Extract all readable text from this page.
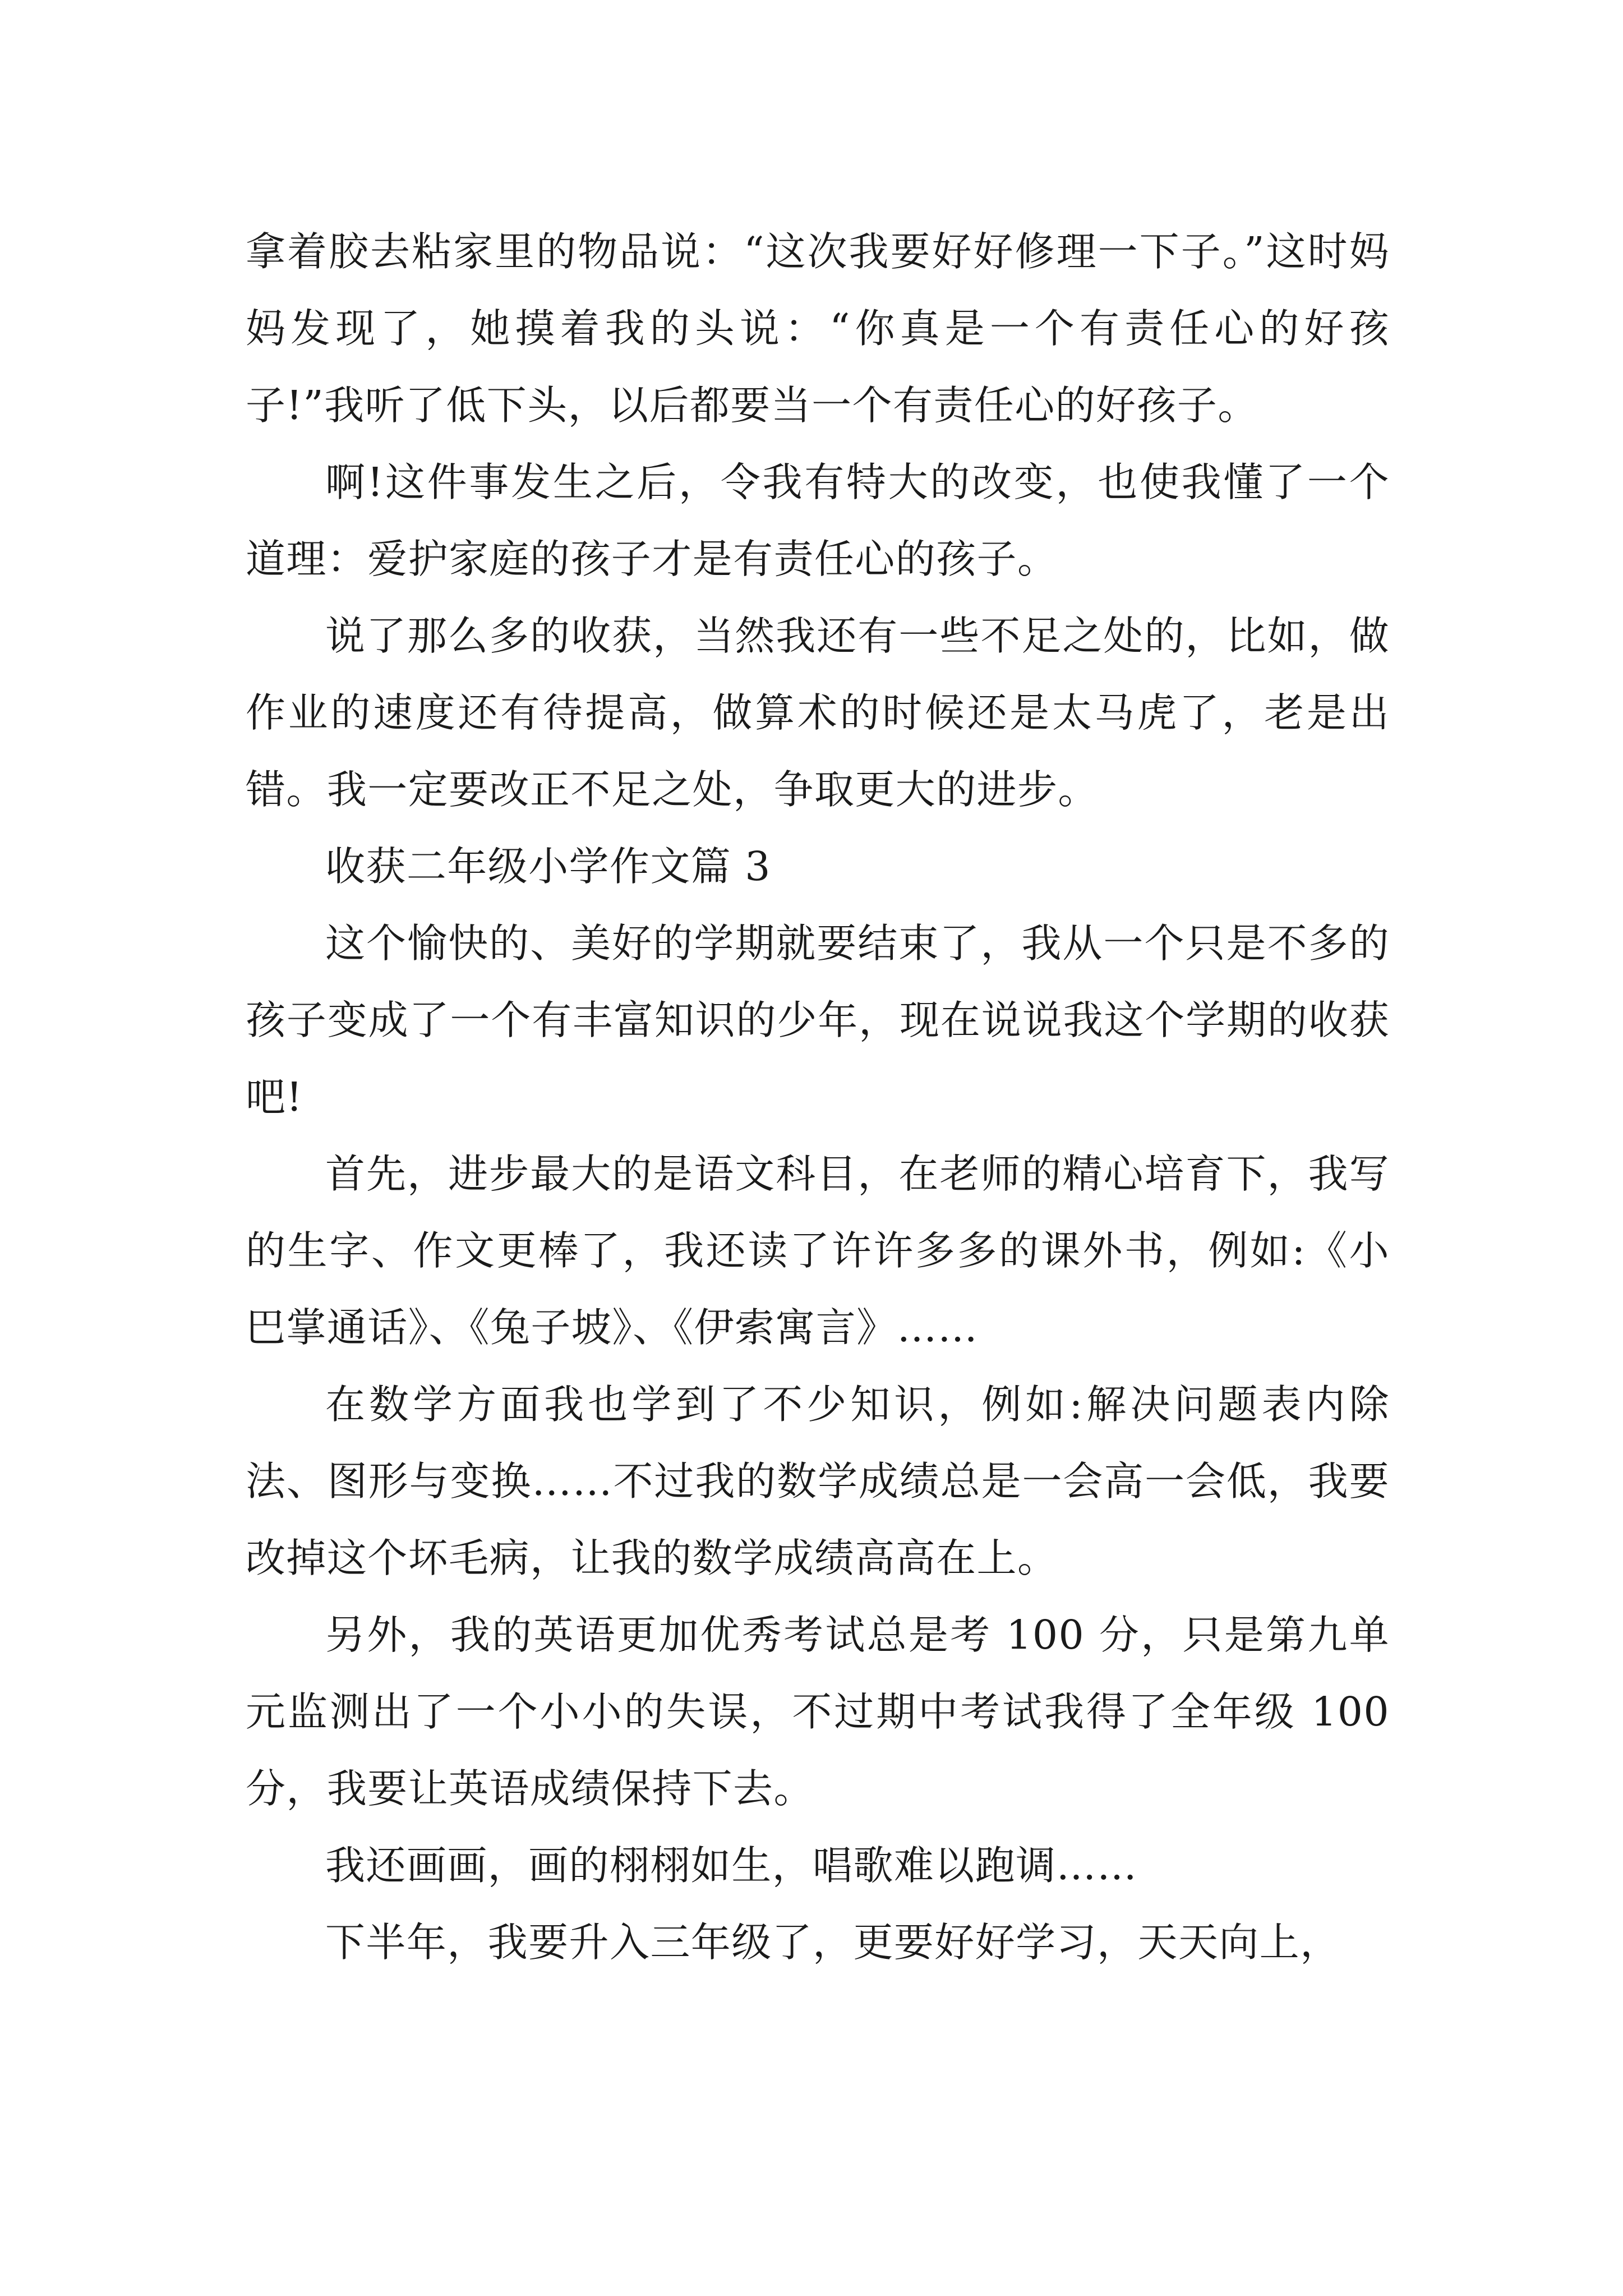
拿着胶去粘家里的物品说：“这次我要好好修理一下子。”这时妈妈发现了，她摸着我的头说：“你真是一个有责任心的好孩子!”我听了低下头，以后都要当一个有责任心的好孩子。

啊!这件事发生之后，令我有特大的改变，也使我懂了一个道理：爱护家庭的孩子才是有责任心的孩子。

说了那么多的收获，当然我还有一些不足之处的，比如，做作业的速度还有待提高，做算术的时候还是太马虎了，老是出错。我一定要改正不足之处，争取更大的进步。

收获二年级小学作文篇 3

这个愉快的、美好的学期就要结束了，我从一个只是不多的孩子变成了一个有丰富知识的少年，现在说说我这个学期的收获吧!

首先，进步最大的是语文科目，在老师的精心培育下，我写的生字、作文更棒了，我还读了许许多多的课外书，例如:《小巴掌通话》、《兔子坡》、《伊索寓言》……

在数学方面我也学到了不少知识，例如:解决问题表内除法、图形与变换……不过我的数学成绩总是一会高一会低，我要改掉这个坏毛病，让我的数学成绩高高在上。

另外，我的英语更加优秀考试总是考 100 分，只是第九单元监测出了一个小小的失误，不过期中考试我得了全年级 100 分，我要让英语成绩保持下去。

我还画画，画的栩栩如生，唱歌难以跑调……

下半年，我要升入三年级了，更要好好学习，天天向上，
